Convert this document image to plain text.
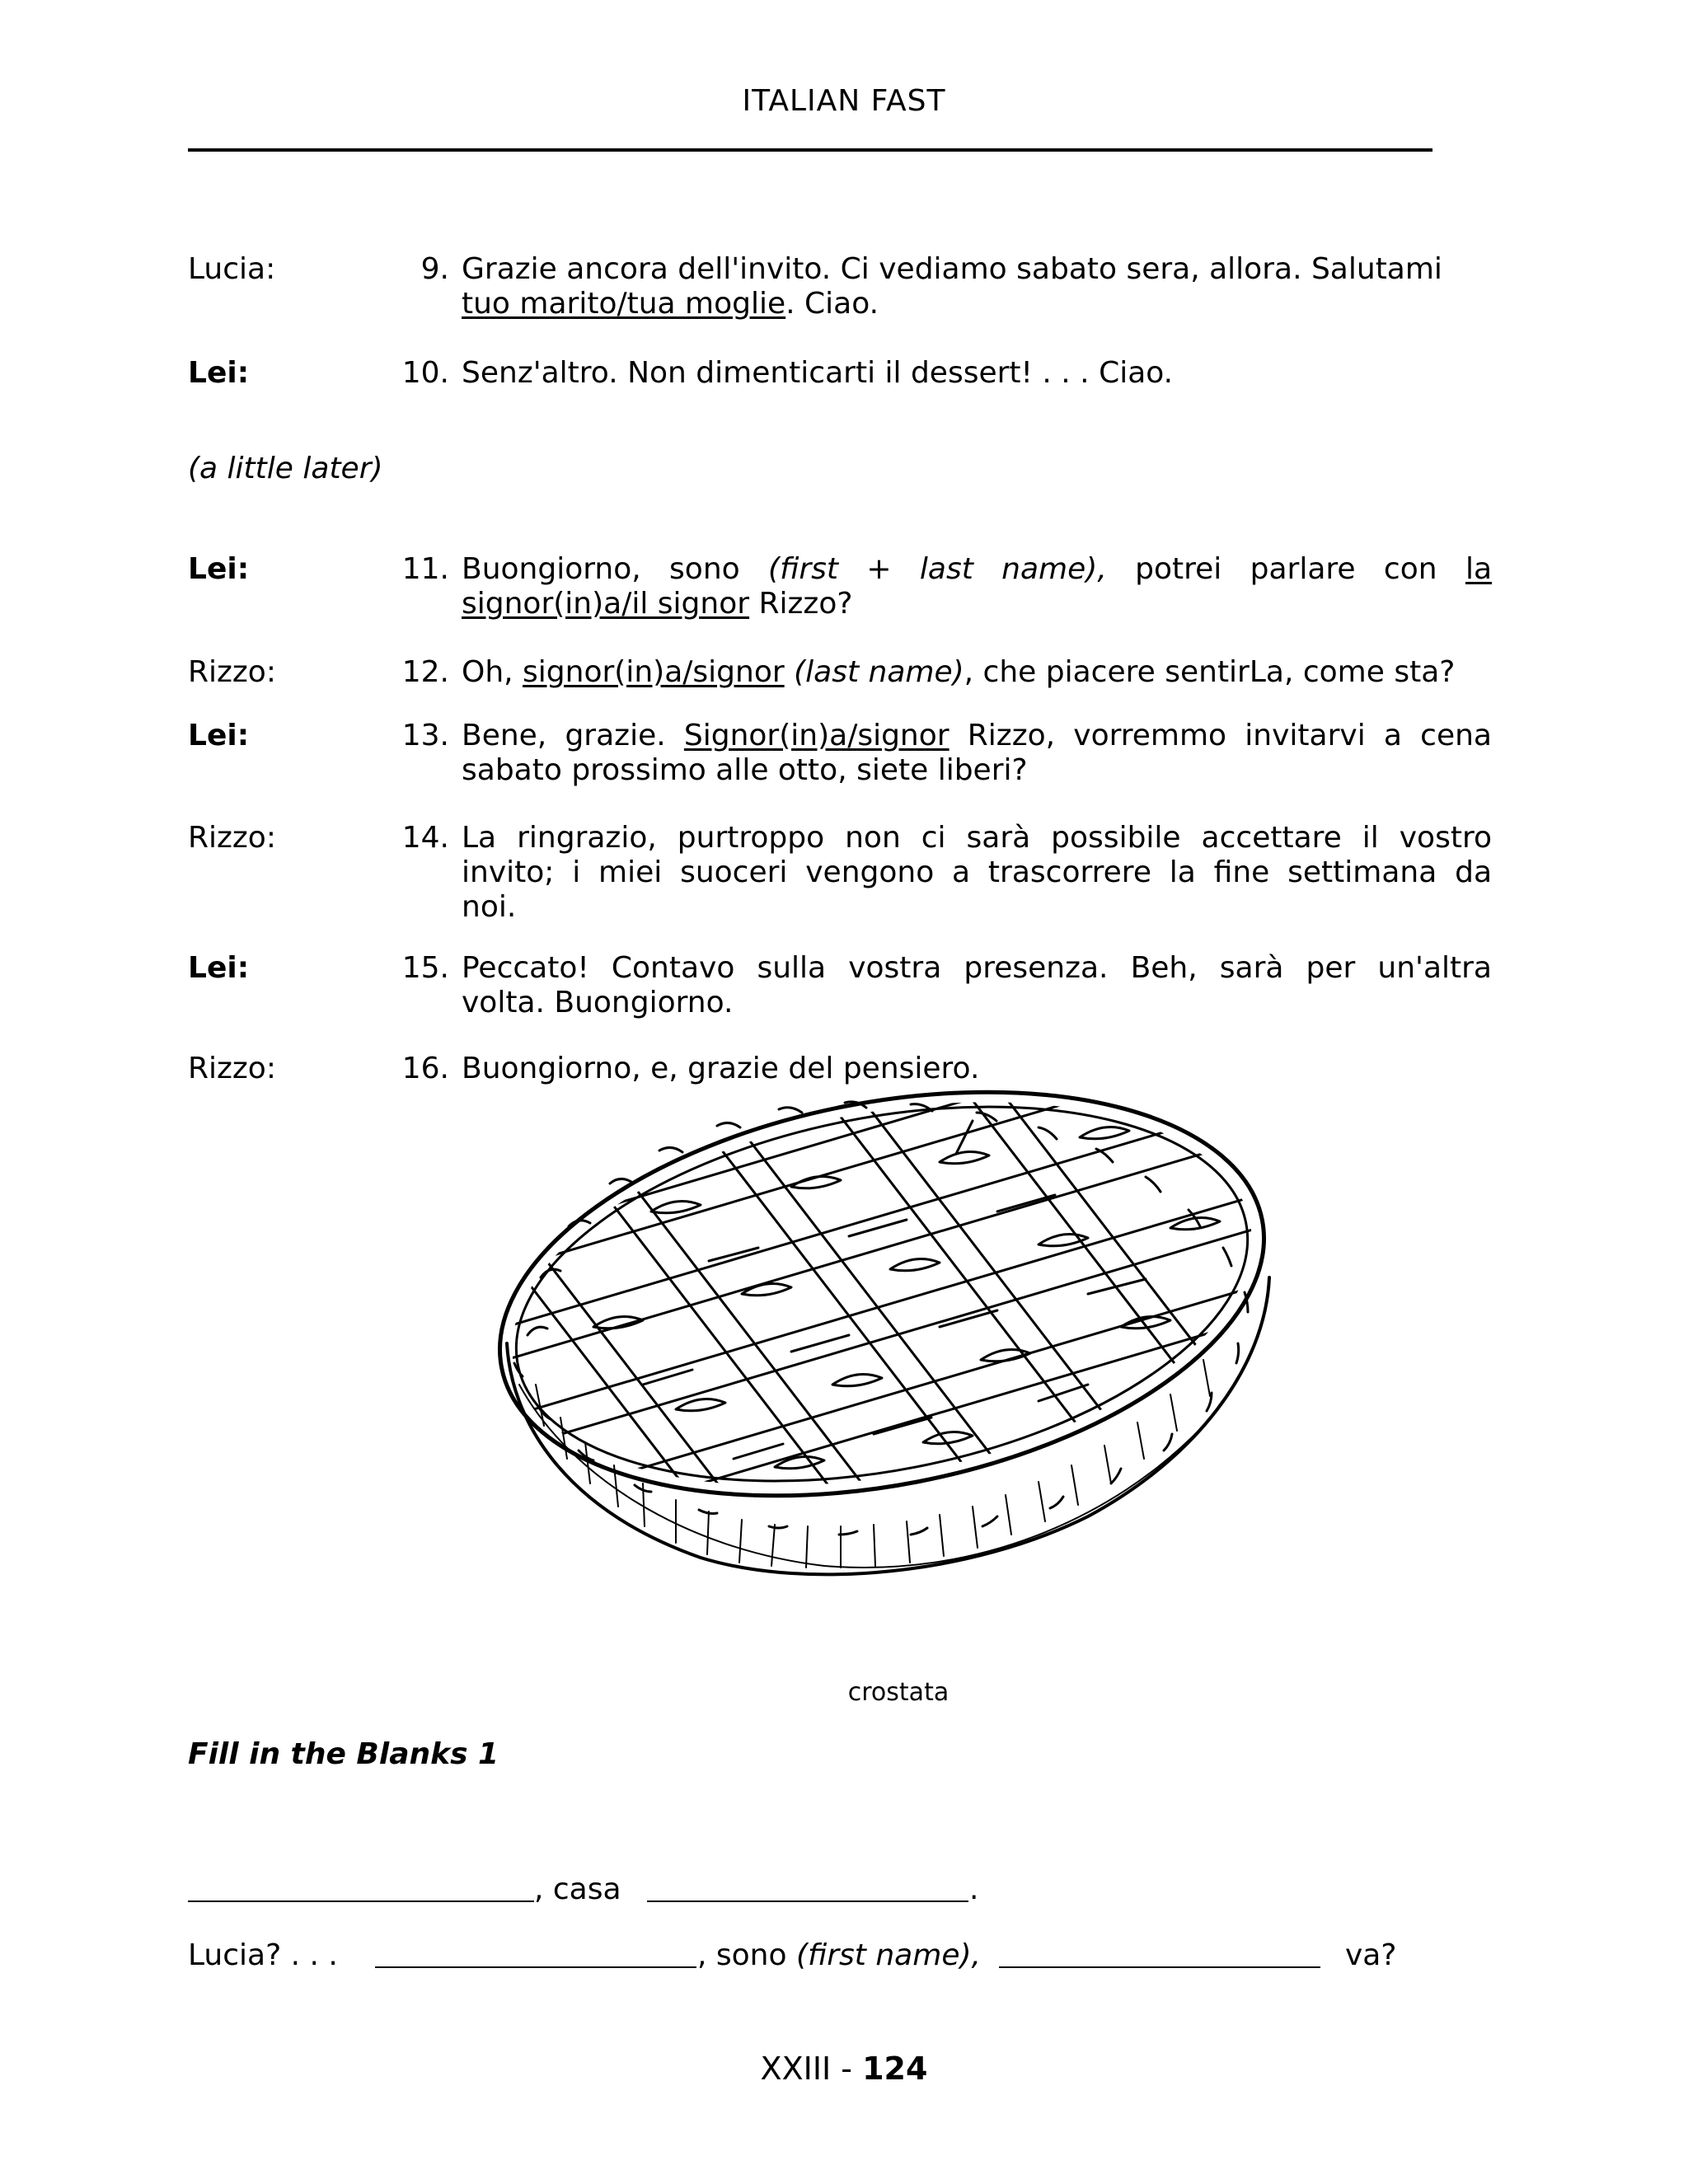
ITALIAN FAST
Lucia:	9. Grazie ancora dell'invito. Ci vediamo sabato sera, allora. Salutami
tuo marito/tua moglie. Ciao.
Lei:	10. Senz'altro. Non dimenticarti il dessert! . . . Ciao.
(a little later)
Lei:	11. Buongiorno, sono (first + last name), potrei parlare con la
signor(in)a/il signor Rizzo?
Rizzo:	12. Oh, signor(in)a/signor (last name), che piacere sentirLa, come sta?
Lei:	13. Bene, grazie. Signor(in)a/signor Rizzo, vorremmo invitarvi a cena
sabato prossimo alle otto, siete liberi?
Rizzo:	14. La ringrazio, purtroppo non ci sarà possibile accettare il vostro
invito; i miei suoceri vengono a trascorrere la fine settimana da
noi.
Lei:	15. Peccato! Contavo sulla vostra presenza. Beh, sarà per un'altra
volta. Buongiorno.
Rizzo:	16. Buongiorno, e, grazie del pensiero.
crostata
Fill in the Blanks 1
, casa	.
Lucia? . . .	, sono (first name),	va?
XXIII - 124
